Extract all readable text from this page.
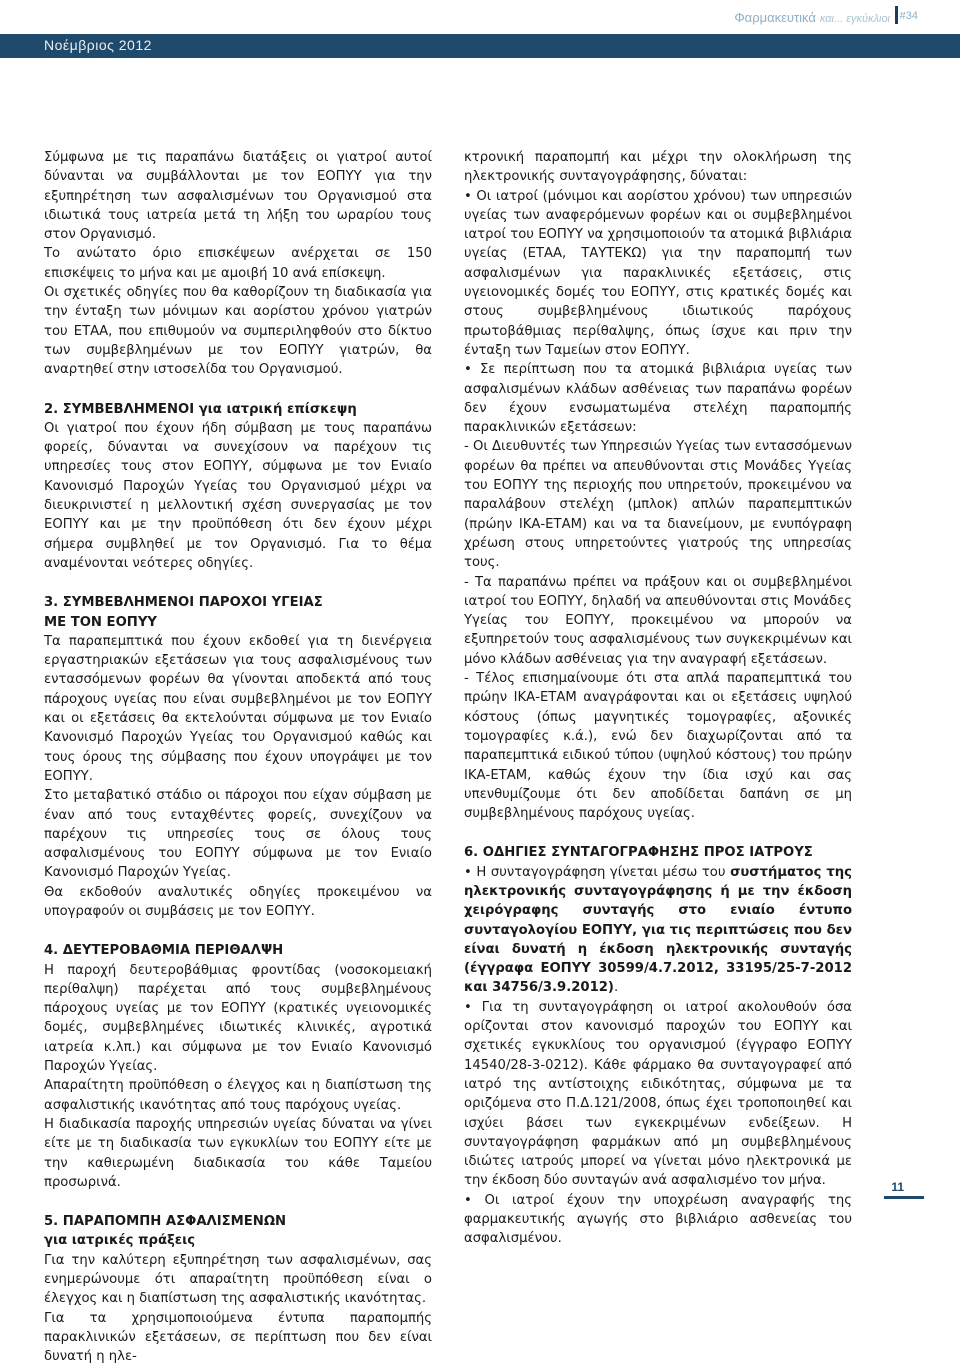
Φαρμακευτικά και... εγκύκλιοι #34
Νοέμβριος 2012

Σύμφωνα με τις παραπάνω διατάξεις οι γιατροί αυτοί δύνανται να συμβάλλονται με τον ΕΟΠΥΥ για την εξυπηρέτηση των ασφαλισμένων του Οργανισμού στα ιδιωτικά τους ιατρεία μετά τη λήξη του ωραρίου τους στον Οργανισμό.

Το ανώτατο όριο επισκέψεων ανέρχεται σε 150 επισκέψεις το μήνα και με αμοιβή 10 ανά επίσκεψη.

Οι σχετικές οδηγίες που θα καθορίζουν τη διαδικασία για την ένταξη των μόνιμων και αορίστου χρόνου γιατρών του ΕΤΑΑ, που επιθυμούν να συμπεριληφθούν στο δίκτυο των συμβεβλημένων με τον ΕΟΠΥΥ γιατρών, θα αναρτηθεί στην ιστοσελίδα του Οργανισμού.

2. ΣΥΜΒΕΒΛΗΜΕΝΟΙ για ιατρική επίσκεψη

Οι γιατροί που έχουν ήδη σύμβαση με τους παραπάνω φορείς, δύνανται να συνεχίσουν να παρέχουν τις υπηρεσίες τους στον ΕΟΠΥΥ, σύμφωνα με τον Ενιαίο Κανονισμό Παροχών Υγείας του Οργανισμού μέχρι να διευκρινιστεί η μελλοντική σχέση συνεργασίας με τον ΕΟΠΥΥ και με την προϋπόθεση ότι δεν έχουν μέχρι σήμερα συμβληθεί με τον Οργανισμό. Για το θέμα αναμένονται νεότερες οδηγίες.

3. ΣΥΜΒΕΒΛΗΜΕΝΟΙ ΠΑΡΟΧΟΙ ΥΓΕΙΑΣ

ΜΕ ΤΟΝ ΕΟΠΥΥ

Τα παραπεμπτικά που έχουν εκδοθεί για τη διενέργεια εργαστηριακών εξετάσεων για τους ασφαλισμένους των εντασσόμενων φορέων θα γίνονται αποδεκτά από τους πάροχους υγείας που είναι συμβεβλημένοι με τον ΕΟΠΥΥ και οι εξετάσεις θα εκτελούνται σύμφωνα με τον Ενιαίο Κανονισμό Παροχών Υγείας του Οργανισμού καθώς και τους όρους της σύμβασης που έχουν υπογράψει με τον ΕΟΠΥΥ.

Στο μεταβατικό στάδιο οι πάροχοι που είχαν σύμβαση με έναν από τους ενταχθέντες φορείς, συνεχίζουν να παρέχουν τις υπηρεσίες τους σε όλους τους ασφαλισμένους του ΕΟΠΥΥ σύμφωνα με τον Ενιαίο Κανονισμό Παροχών Υγείας.

Θα εκδοθούν αναλυτικές οδηγίες προκειμένου να υπογραφούν οι συμβάσεις με τον ΕΟΠΥΥ.

4. ΔΕΥΤΕΡΟΒΑΘΜΙΑ ΠΕΡΙΘΑΛΨΗ

Η παροχή δευτεροβάθμιας φροντίδας (νοσοκομειακή περίθαλψη) παρέχεται από τους συμβεβλημένους πάροχους υγείας με τον ΕΟΠΥΥ (κρατικές υγειονομικές δομές, συμβεβλημένες ιδιωτικές κλινικές, αγροτικά ιατρεία κ.λπ.) και σύμφωνα με τον Ενιαίο Κανονισμό Παροχών Υγείας.

Απαραίτητη προϋπόθεση ο έλεγχος και η διαπίστωση της ασφαλιστικής ικανότητας από τους παρόχους υγείας.

Η διαδικασία παροχής υπηρεσιών υγείας δύναται να γίνει είτε με τη διαδικασία των εγκυκλίων του ΕΟΠΥΥ είτε με την καθιερωμένη διαδικασία του κάθε Ταμείου προσωρινά.

5. ΠΑΡΑΠΟΜΠΗ ΑΣΦΑΛΙΣΜΕΝΩΝ

για ιατρικές πράξεις

Για την καλύτερη εξυπηρέτηση των ασφαλισμένων, σας ενημερώνουμε ότι απαραίτητη προϋπόθεση είναι ο έλεγχος και η διαπίστωση της ασφαλιστικής ικανότητας.

Για τα χρησιμοποιούμενα έντυπα παραπομπής παρακλινικών εξετάσεων, σε περίπτωση που δεν είναι δυνατή η ηλε-

κτρονική παραπομπή και μέχρι την ολοκλήρωση της ηλεκτρονικής συνταγογράφησης, δύναται:

• Οι ιατροί (μόνιμοι και αορίστου χρόνου) των υπηρεσιών υγείας των αναφερόμενων φορέων και οι συμβεβλημένοι ιατροί του ΕΟΠΥΥ να χρησιμοποιούν τα ατομικά βιβλιάρια υγείας (ΕΤΑΑ, ΤΑΥΤΕΚΩ) για την παραπομπή των ασφαλισμένων για παρακλινικές εξετάσεις, στις υγειονομικές δομές του ΕΟΠΥΥ, στις κρατικές δομές και στους συμβεβλημένους ιδιωτικούς παρόχους πρωτοβάθμιας περίθαλψης, όπως ίσχυε και πριν την ένταξη των Ταμείων στον ΕΟΠΥΥ.

• Σε περίπτωση που τα ατομικά βιβλιάρια υγείας των ασφαλισμένων κλάδων ασθένειας των παραπάνω φορέων δεν έχουν ενσωματωμένα στελέχη παραπομπής παρακλινικών εξετάσεων:

- Οι Διευθυντές των Υπηρεσιών Υγείας των εντασσόμενων φορέων θα πρέπει να απευθύνονται στις Μονάδες Υγείας του ΕΟΠΥΥ της περιοχής που υπηρετούν, προκειμένου να παραλάβουν στελέχη (μπλοκ) απλών παραπεμπτικών (πρώην ΙΚΑ-ΕΤΑΜ) και να τα διανείμουν, με ενυπόγραφη χρέωση στους υπηρετούντες γιατρούς της υπηρεσίας τους.

- Τα παραπάνω πρέπει να πράξουν και οι συμβεβλημένοι ιατροί του ΕΟΠΥΥ, δηλαδή να απευθύνονται στις Μονάδες Υγείας του ΕΟΠΥΥ, προκειμένου να μπορούν να εξυπηρετούν τους ασφαλισμένους των συγκεκριμένων και μόνο κλάδων ασθένειας για την αναγραφή εξετάσεων.

- Τέλος επισημαίνουμε ότι στα απλά παραπεμπτικά του πρώην ΙΚΑ-ΕΤΑΜ αναγράφονται και οι εξετάσεις υψηλού κόστους (όπως μαγνητικές τομογραφίες, αξονικές τομογραφίες κ.ά.), ενώ δεν διαχωρίζονται από τα παραπεμπτικά ειδικού τύπου (υψηλού κόστους) του πρώην ΙΚΑ-ΕΤΑΜ, καθώς έχουν την ίδια ισχύ και σας υπενθυμίζουμε ότι δεν αποδίδεται δαπάνη σε μη συμβεβλημένους παρόχους υγείας.

6. ΟΔΗΓΙΕΣ ΣΥΝΤΑΓΟΓΡΑΦΗΣΗΣ ΠΡΟΣ ΙΑΤΡΟΥΣ

• Η συνταγογράφηση γίνεται μέσω του συστήματος της ηλεκτρονικής συνταγογράφησης ή με την έκδοση χειρόγραφης συνταγής στο ενιαίο έντυπο συνταγολογίου ΕΟΠΥΥ, για τις περιπτώσεις που δεν είναι δυνατή η έκδοση ηλεκτρονικής συνταγής (έγγραφα ΕΟΠΥΥ 30599/4.7.2012, 33195/25-7-2012 και 34756/3.9.2012).

• Για τη συνταγογράφηση οι ιατροί ακολουθούν όσα ορίζονται στον κανονισμό παροχών του ΕΟΠΥΥ και σχετικές εγκυκλίους του οργανισμού (έγγραφο ΕΟΠΥΥ 14540/28-3-0212). Κάθε φάρμακο θα συνταγογραφεί από ιατρό της αντίστοιχης ειδικότητας, σύμφωνα με τα οριζόμενα στο Π.Δ.121/2008, όπως έχει τροποποιηθεί και ισχύει βάσει των εγκεκριμένων ενδείξεων. Η συνταγογράφηση φαρμάκων από μη συμβεβλημένους ιδιώτες ιατρούς μπορεί να γίνεται μόνο ηλεκτρονικά με την έκδοση δύο συνταγών ανά ασφαλισμένο τον μήνα.

• Οι ιατροί έχουν την υποχρέωση αναγραφής της φαρμακευτικής αγωγής στο βιβλιάριο ασθενείας του ασφαλισμένου.

11
